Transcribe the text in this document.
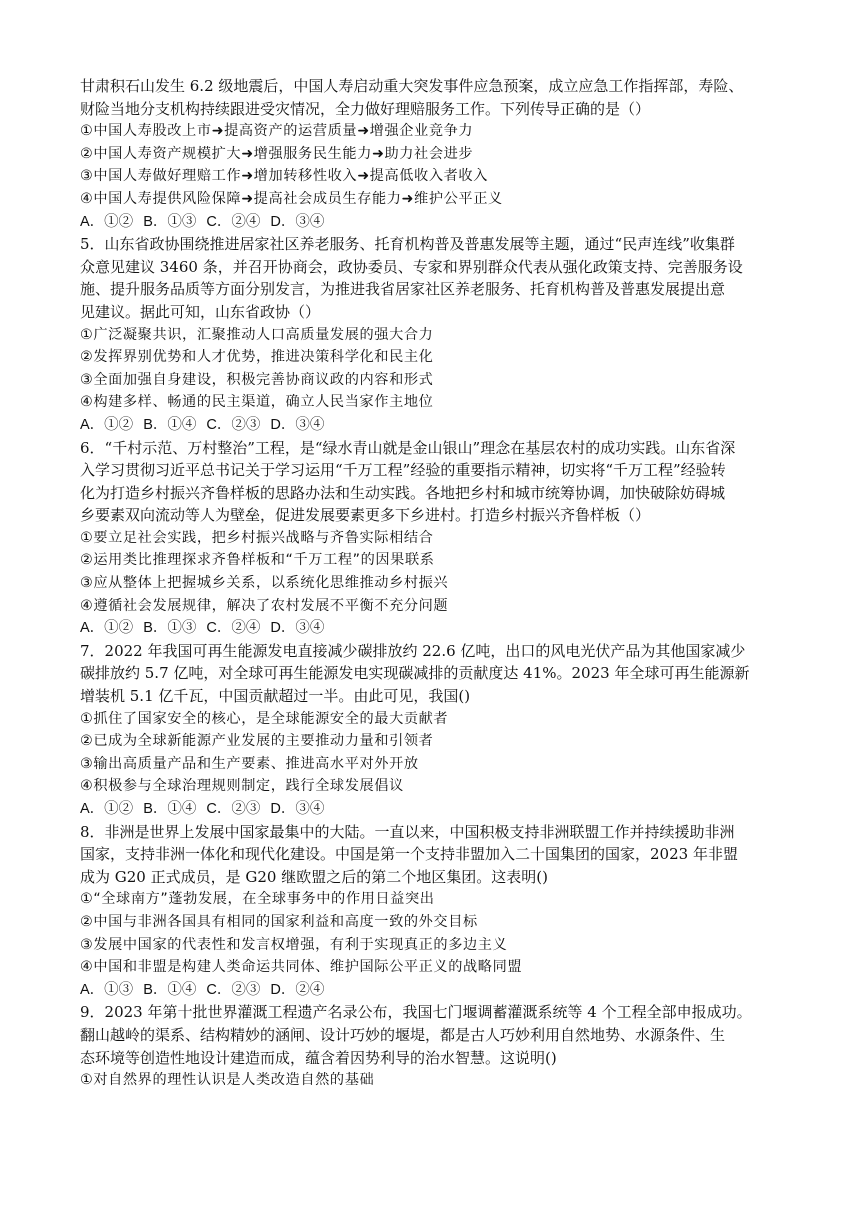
甘肃积石山发生 6.2 级地震后，中国人寿启动重大突发事件应急预案，成立应急工作指挥部，寿险、
财险当地分支机构持续跟进受灾情况，全力做好理赔服务工作。下列传导正确的是（）
①中国人寿股改上市➜提高资产的运营质量➜增强企业竞争力
②中国人寿资产规模扩大➜增强服务民生能力➜助力社会进步
③中国人寿做好理赔工作➜增加转移性收入➜提高低收入者收入
④中国人寿提供风险保障➜提高社会成员生存能力➜维护公平正义
A．①② B．①③ C．②④ D．③④
5．山东省政协围绕推进居家社区养老服务、托育机构普及普惠发展等主题，通过“民声连线”收集群
众意见建议 3460 条，并召开协商会，政协委员、专家和界别群众代表从强化政策支持、完善服务设
施、提升服务品质等方面分别发言，为推进我省居家社区养老服务、托育机构普及普惠发展提出意
见建议。据此可知，山东省政协（）
①广泛凝聚共识，汇聚推动人口高质量发展的强大合力
②发挥界别优势和人才优势，推进决策科学化和民主化
③全面加强自身建设，积极完善协商议政的内容和形式
④构建多样、畅通的民主渠道，确立人民当家作主地位
A．①② B．①④ C．②③ D．③④
6．“千村示范、万村整治”工程，是“绿水青山就是金山银山”理念在基层农村的成功实践。山东省深
入学习贯彻习近平总书记关于学习运用“千万工程”经验的重要指示精神，切实将“千万工程”经验转
化为打造乡村振兴齐鲁样板的思路办法和生动实践。各地把乡村和城市统筹协调，加快破除妨碍城
乡要素双向流动等人为壁垒，促进发展要素更多下乡进村。打造乡村振兴齐鲁样板（）
①要立足社会实践，把乡村振兴战略与齐鲁实际相结合
②运用类比推理探求齐鲁样板和“千万工程”的因果联系
③应从整体上把握城乡关系，以系统化思维推动乡村振兴
④遵循社会发展规律，解决了农村发展不平衡不充分问题
A．①② B．①③ C．②④ D．③④
7．2022 年我国可再生能源发电直接减少碳排放约 22.6 亿吨，出口的风电光伏产品为其他国家减少
碳排放约 5.7 亿吨，对全球可再生能源发电实现碳减排的贡献度达 41%。2023 年全球可再生能源新
增装机 5.1 亿千瓦，中国贡献超过一半。由此可见，我国()
①抓住了国家安全的核心，是全球能源安全的最大贡献者
②已成为全球新能源产业发展的主要推动力量和引领者
③输出高质量产品和生产要素、推进高水平对外开放
④积极参与全球治理规则制定，践行全球发展倡议
A．①② B．①④ C．②③ D．③④
8．非洲是世界上发展中国家最集中的大陆。一直以来，中国积极支持非洲联盟工作并持续援助非洲
国家，支持非洲一体化和现代化建设。中国是第一个支持非盟加入二十国集团的国家，2023 年非盟
成为 G20 正式成员，是 G20 继欧盟之后的第二个地区集团。这表明()
①“全球南方”蓬勃发展，在全球事务中的作用日益突出
②中国与非洲各国具有相同的国家利益和高度一致的外交目标
③发展中国家的代表性和发言权增强，有利于实现真正的多边主义
④中国和非盟是构建人类命运共同体、维护国际公平正义的战略同盟
A．①③ B．①④ C．②③ D．②④
9．2023 年第十批世界灌溉工程遗产名录公布，我国七门堰调蓄灌溉系统等 4 个工程全部申报成功。
翻山越岭的渠系、结构精妙的涵闸、设计巧妙的堰堤，都是古人巧妙利用自然地势、水源条件、生
态环境等创造性地设计建造而成，蕴含着因势利导的治水智慧。这说明()
①对自然界的理性认识是人类改造自然的基础
